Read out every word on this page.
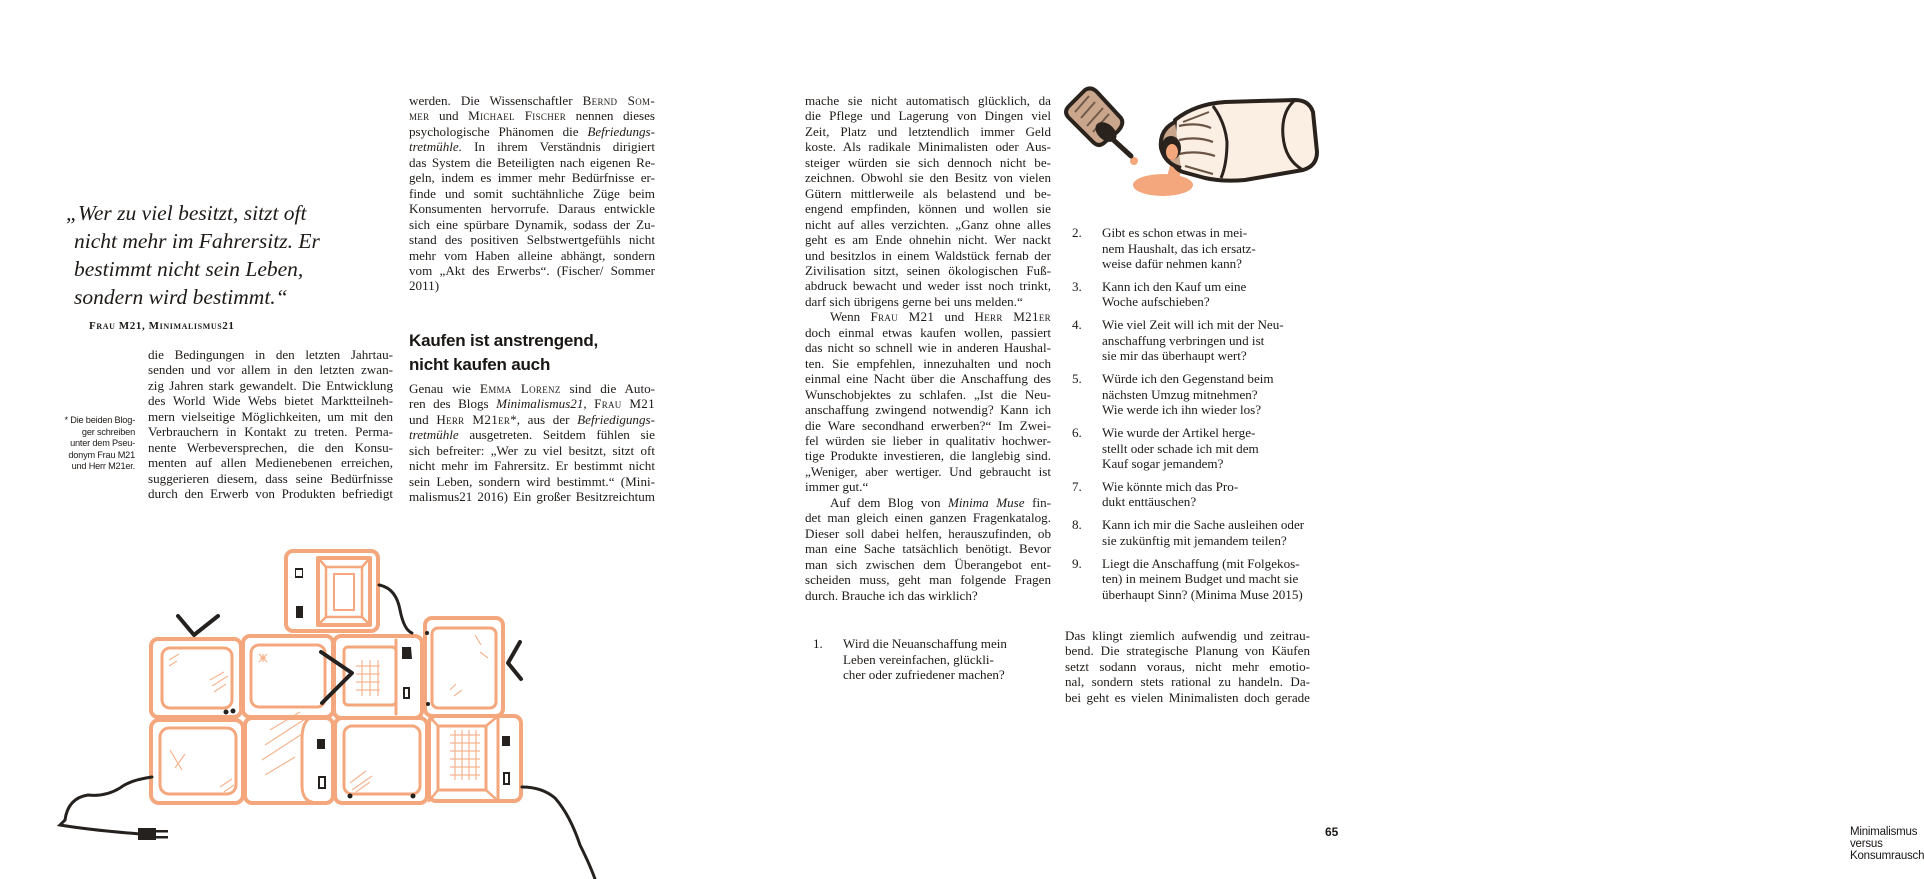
„Wer zu viel besitzt, sitzt oft
nicht mehr im Fahrersitz. Er
bestimmt nicht sein Leben,
sondern wird bestimmt.“
Frau M21, Minimalismus21
* Die beiden Blog-
ger schreiben
unter dem Pseu-
donym Frau M21
und Herr M21er.
die Bedingungen in den letzten Jahrtau-
senden und vor allem in den letzten zwan-
zig Jahren stark gewandelt. Die Entwicklung
des World Wide Webs bietet Marktteilneh-
mern vielseitige Möglichkeiten, um mit den
Verbrauchern in Kontakt zu treten. Perma-
nente Werbeversprechen, die den Konsu-
menten auf allen Medienebenen erreichen,
suggerieren diesem, dass seine Bedürfnisse
durch den Erwerb von Produkten befriedigt
werden. Die Wissenschaftler Bernd Som-
mer und Michael Fischer nennen dieses
psychologische Phänomen die Befriedungs-
tretmühle. In ihrem Verständnis dirigiert
das System die Beteiligten nach eigenen Re-
geln, indem es immer mehr Bedürfnisse er-
finde und somit suchtähnliche Züge beim
Konsumenten hervorrufe. Daraus entwickle
sich eine spürbare Dynamik, sodass der Zu-
stand des positiven Selbstwertgefühls nicht
mehr vom Haben alleine abhängt, sondern
vom „Akt des Erwerbs“. (Fischer/ Sommer
2011)
Kaufen ist anstrengend,
nicht kaufen auch
Genau wie Emma Lorenz sind die Auto-
ren des Blogs Minimalismus21, Frau M21
und Herr M21er*, aus der Befriedigungs-
tretmühle ausgetreten. Seitdem fühlen sie
sich befreiter: „Wer zu viel besitzt, sitzt oft
nicht mehr im Fahrersitz. Er bestimmt nicht
sein Leben, sondern wird bestimmt.“ (Mini-
malismus21 2016) Ein großer Besitzreichtum
mache sie nicht automatisch glücklich, da
die Pflege und Lagerung von Dingen viel
Zeit, Platz und letztendlich immer Geld
koste. Als radikale Minimalisten oder Aus-
steiger würden sie sich dennoch nicht be-
zeichnen. Obwohl sie den Besitz von vielen
Gütern mittlerweile als belastend und be-
engend empfinden, können und wollen sie
nicht auf alles verzichten. „Ganz ohne alles
geht es am Ende ohnehin nicht. Wer nackt
und besitzlos in einem Waldstück fernab der
Zivilisation sitzt, seinen ökologischen Fuß-
abdruck bewacht und weder isst noch trinkt,
darf sich übrigens gerne bei uns melden.“
Wenn Frau M21 und Herr M21er
doch einmal etwas kaufen wollen, passiert
das nicht so schnell wie in anderen Haushal-
ten. Sie empfehlen, innezuhalten und noch
einmal eine Nacht über die Anschaffung des
Wunschobjektes zu schlafen. „Ist die Neu-
anschaffung zwingend notwendig? Kann ich
die Ware secondhand erwerben?“ Im Zwei-
fel würden sie lieber in qualitativ hochwer-
tige Produkte investieren, die langlebig sind.
„Weniger, aber wertiger. Und gebraucht ist
immer gut.“
Auf dem Blog von Minima Muse fin-
det man gleich einen ganzen Fragenkatalog.
Dieser soll dabei helfen, herauszufinden, ob
man eine Sache tatsächlich benötigt. Bevor
man sich zwischen dem Überangebot ent-
scheiden muss, geht man folgende Fragen
durch. Brauche ich das wirklich?
1.	Wird die Neuanschaffung mein
Leben vereinfachen, glückli-
cher oder zufriedener machen?
2.	Gibt es schon etwas in mei-
nem Haushalt, das ich ersatz-
weise dafür nehmen kann?
3.	Kann ich den Kauf um eine
Woche aufschieben?
4.	Wie viel Zeit will ich mit der Neu-
anschaffung verbringen und ist
sie mir das überhaupt wert?
5.	Würde ich den Gegenstand beim
nächsten Umzug mitnehmen?
Wie werde ich ihn wieder los?
6.	Wie wurde der Artikel herge-
stellt oder schade ich mit dem
Kauf sogar jemandem?
7.	Wie könnte mich das Pro-
dukt enttäuschen?
8.	Kann ich mir die Sache ausleihen oder
sie zukünftig mit jemandem teilen?
9.	Liegt die Anschaffung (mit Folgekos-
ten) in meinem Budget und macht sie
überhaupt Sinn? (Minima Muse 2015)
Das klingt ziemlich aufwendig und zeitrau-
bend. Die strategische Planung von Käufen
setzt sodann voraus, nicht mehr emotio-
nal, sondern stets rational zu handeln. Da-
bei geht es vielen Minimalisten doch gerade
Minimalismus versus Konsumrausch
65
